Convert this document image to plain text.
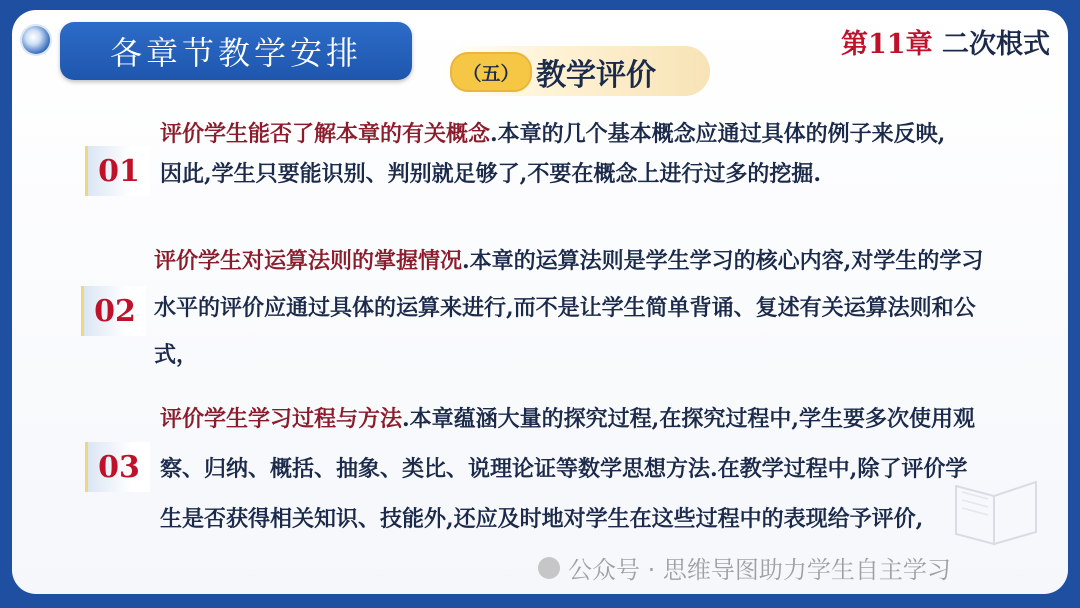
各章节教学安排	第11章 二次根式
（五） 教学评价
01
评价学生能否了解本章的有关概念.本章的几个基本概念应通过具体的例子来反映,因此,学生只要能识别、判别就足够了,不要在概念上进行过多的挖掘.
02
评价学生对运算法则的掌握情况.本章的运算法则是学生学习的核心内容,对学生的学习水平的评价应通过具体的运算来进行,而不是让学生简单背诵、复述有关运算法则和公式，
03
评价学生学习过程与方法.本章蕴涵大量的探究过程,在探究过程中,学生要多次使用观察、归纳、概括、抽象、类比、说理论证等数学思想方法.在教学过程中,除了评价学生是否获得相关知识、技能外,还应及时地对学生在这些过程中的表现给予评价,
公众号 · 思维导图助力学生自主学习
